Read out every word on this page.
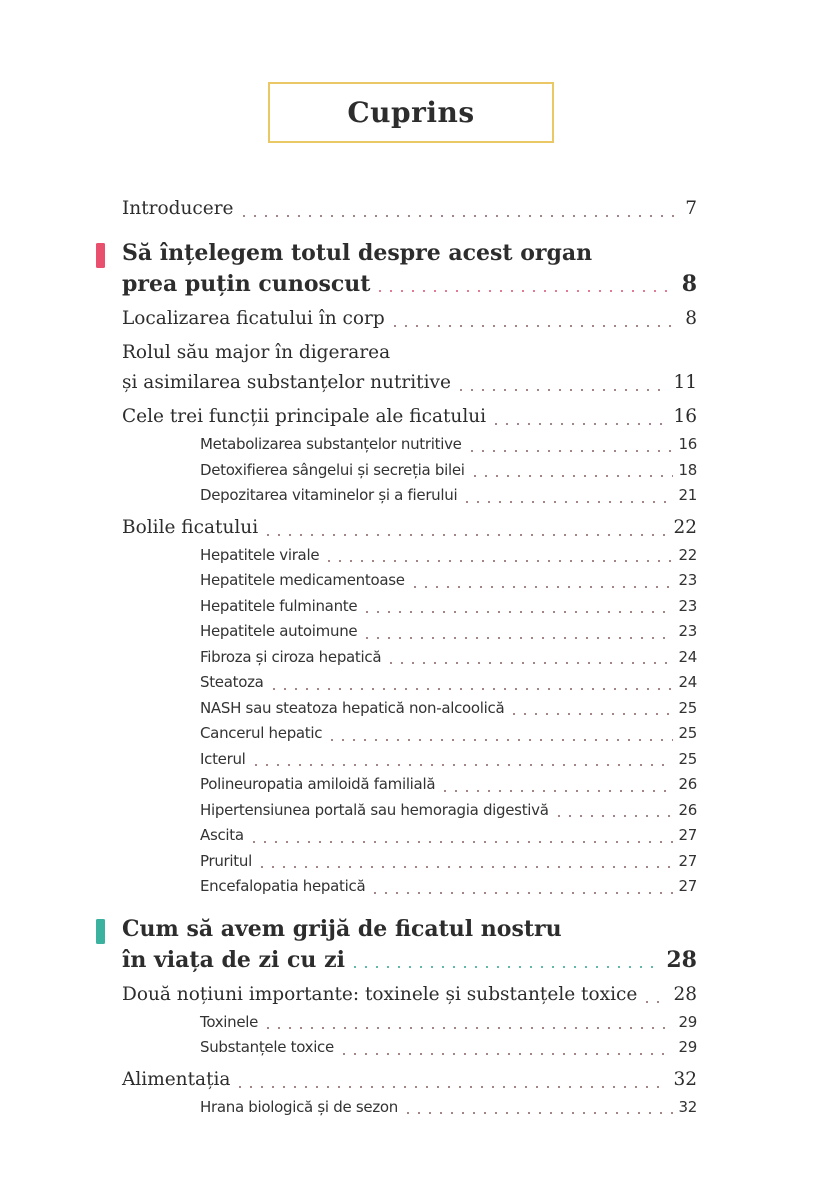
Cuprins
Introducere	7
Să înțelegem totul despre acest organ
prea puțin cunoscut	8
Localizarea ficatului în corp	8
Rolul său major în digerarea
și asimilarea substanțelor nutritive	11
Cele trei funcții principale ale ficatului	16
Metabolizarea substanțelor nutritive	16
Detoxifierea sângelui și secreția bilei	18
Depozitarea vitaminelor și a fierului	21
Bolile ficatului	22
Hepatitele virale	22
Hepatitele medicamentoase	23
Hepatitele fulminante	23
Hepatitele autoimune	23
Fibroza și ciroza hepatică	24
Steatoza	24
NASH sau steatoza hepatică non-alcoolică	25
Cancerul hepatic	25
Icterul	25
Polineuropatia amiloidă familială	26
Hipertensiunea portală sau hemoragia digestivă	26
Ascita	27
Pruritul	27
Encefalopatia hepatică	27
Cum să avem grijă de ficatul nostru
în viața de zi cu zi	28
Două noțiuni importante: toxinele și substanțele toxice 28
Toxinele	29
Substanțele toxice	29
Alimentația	32
Hrana biologică și de sezon	32
